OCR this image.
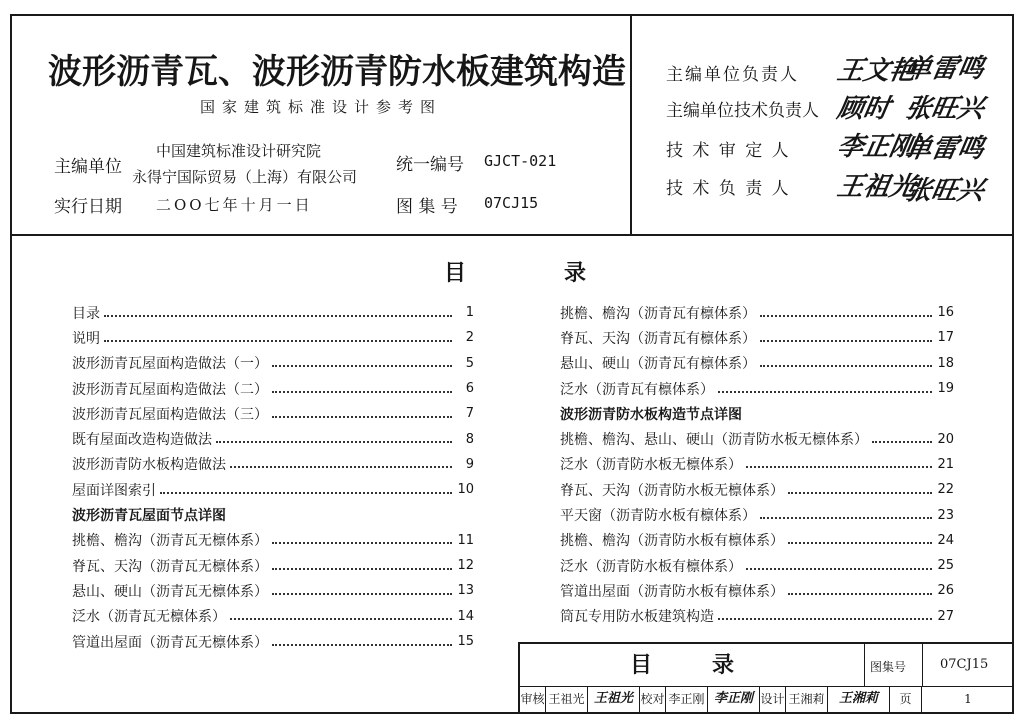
波形沥青瓦、波形沥青防水板建筑构造
国家建筑标准设计参考图
主编单位
中国建筑标准设计研究院
永得宁国际贸易（上海）有限公司
实行日期 二OO七年十月一日
统一编号 GJCT-021
图 集 号 07CJ15
主编单位负责人 王文艳
单雷鸣
主编单位技术负责人 顾时 张旺兴
技 术 审 定 人 李正刚
单雷鸣
技 术 负 责 人 王祖光
张旺兴
目	录
目录	1
说明	2
波形沥青瓦屋面构造做法（一）	5
波形沥青瓦屋面构造做法（二）	6
波形沥青瓦屋面构造做法（三）	7
既有屋面改造构造做法	8
波形沥青防水板构造做法	9
屋面详图索引	10
波形沥青瓦屋面节点详图
挑檐、檐沟（沥青瓦无檩体系）	11
脊瓦、天沟（沥青瓦无檩体系）	12
悬山、硬山（沥青瓦无檩体系）	13
泛水（沥青瓦无檩体系）	14
管道出屋面（沥青瓦无檩体系）	15
挑檐、檐沟（沥青瓦有檩体系）	16
脊瓦、天沟（沥青瓦有檩体系）	17
悬山、硬山（沥青瓦有檩体系）	18
泛水（沥青瓦有檩体系）	19
波形沥青防水板构造节点详图
挑檐、檐沟、悬山、硬山（沥青防水板无檩体系）	20
泛水（沥青防水板无檩体系）	21
脊瓦、天沟（沥青防水板无檩体系）	22
平天窗（沥青防水板有檩体系）	23
挑檐、檐沟（沥青防水板有檩体系）	24
泛水（沥青防水板有檩体系）	25
管道出屋面（沥青防水板有檩体系）	26
筒瓦专用防水板建筑构造	27
目录	图集号	07CJ15
审核 王祖光 王祖光 校对 李正刚 李正刚 设计 王湘莉	王湘莉	页	1
